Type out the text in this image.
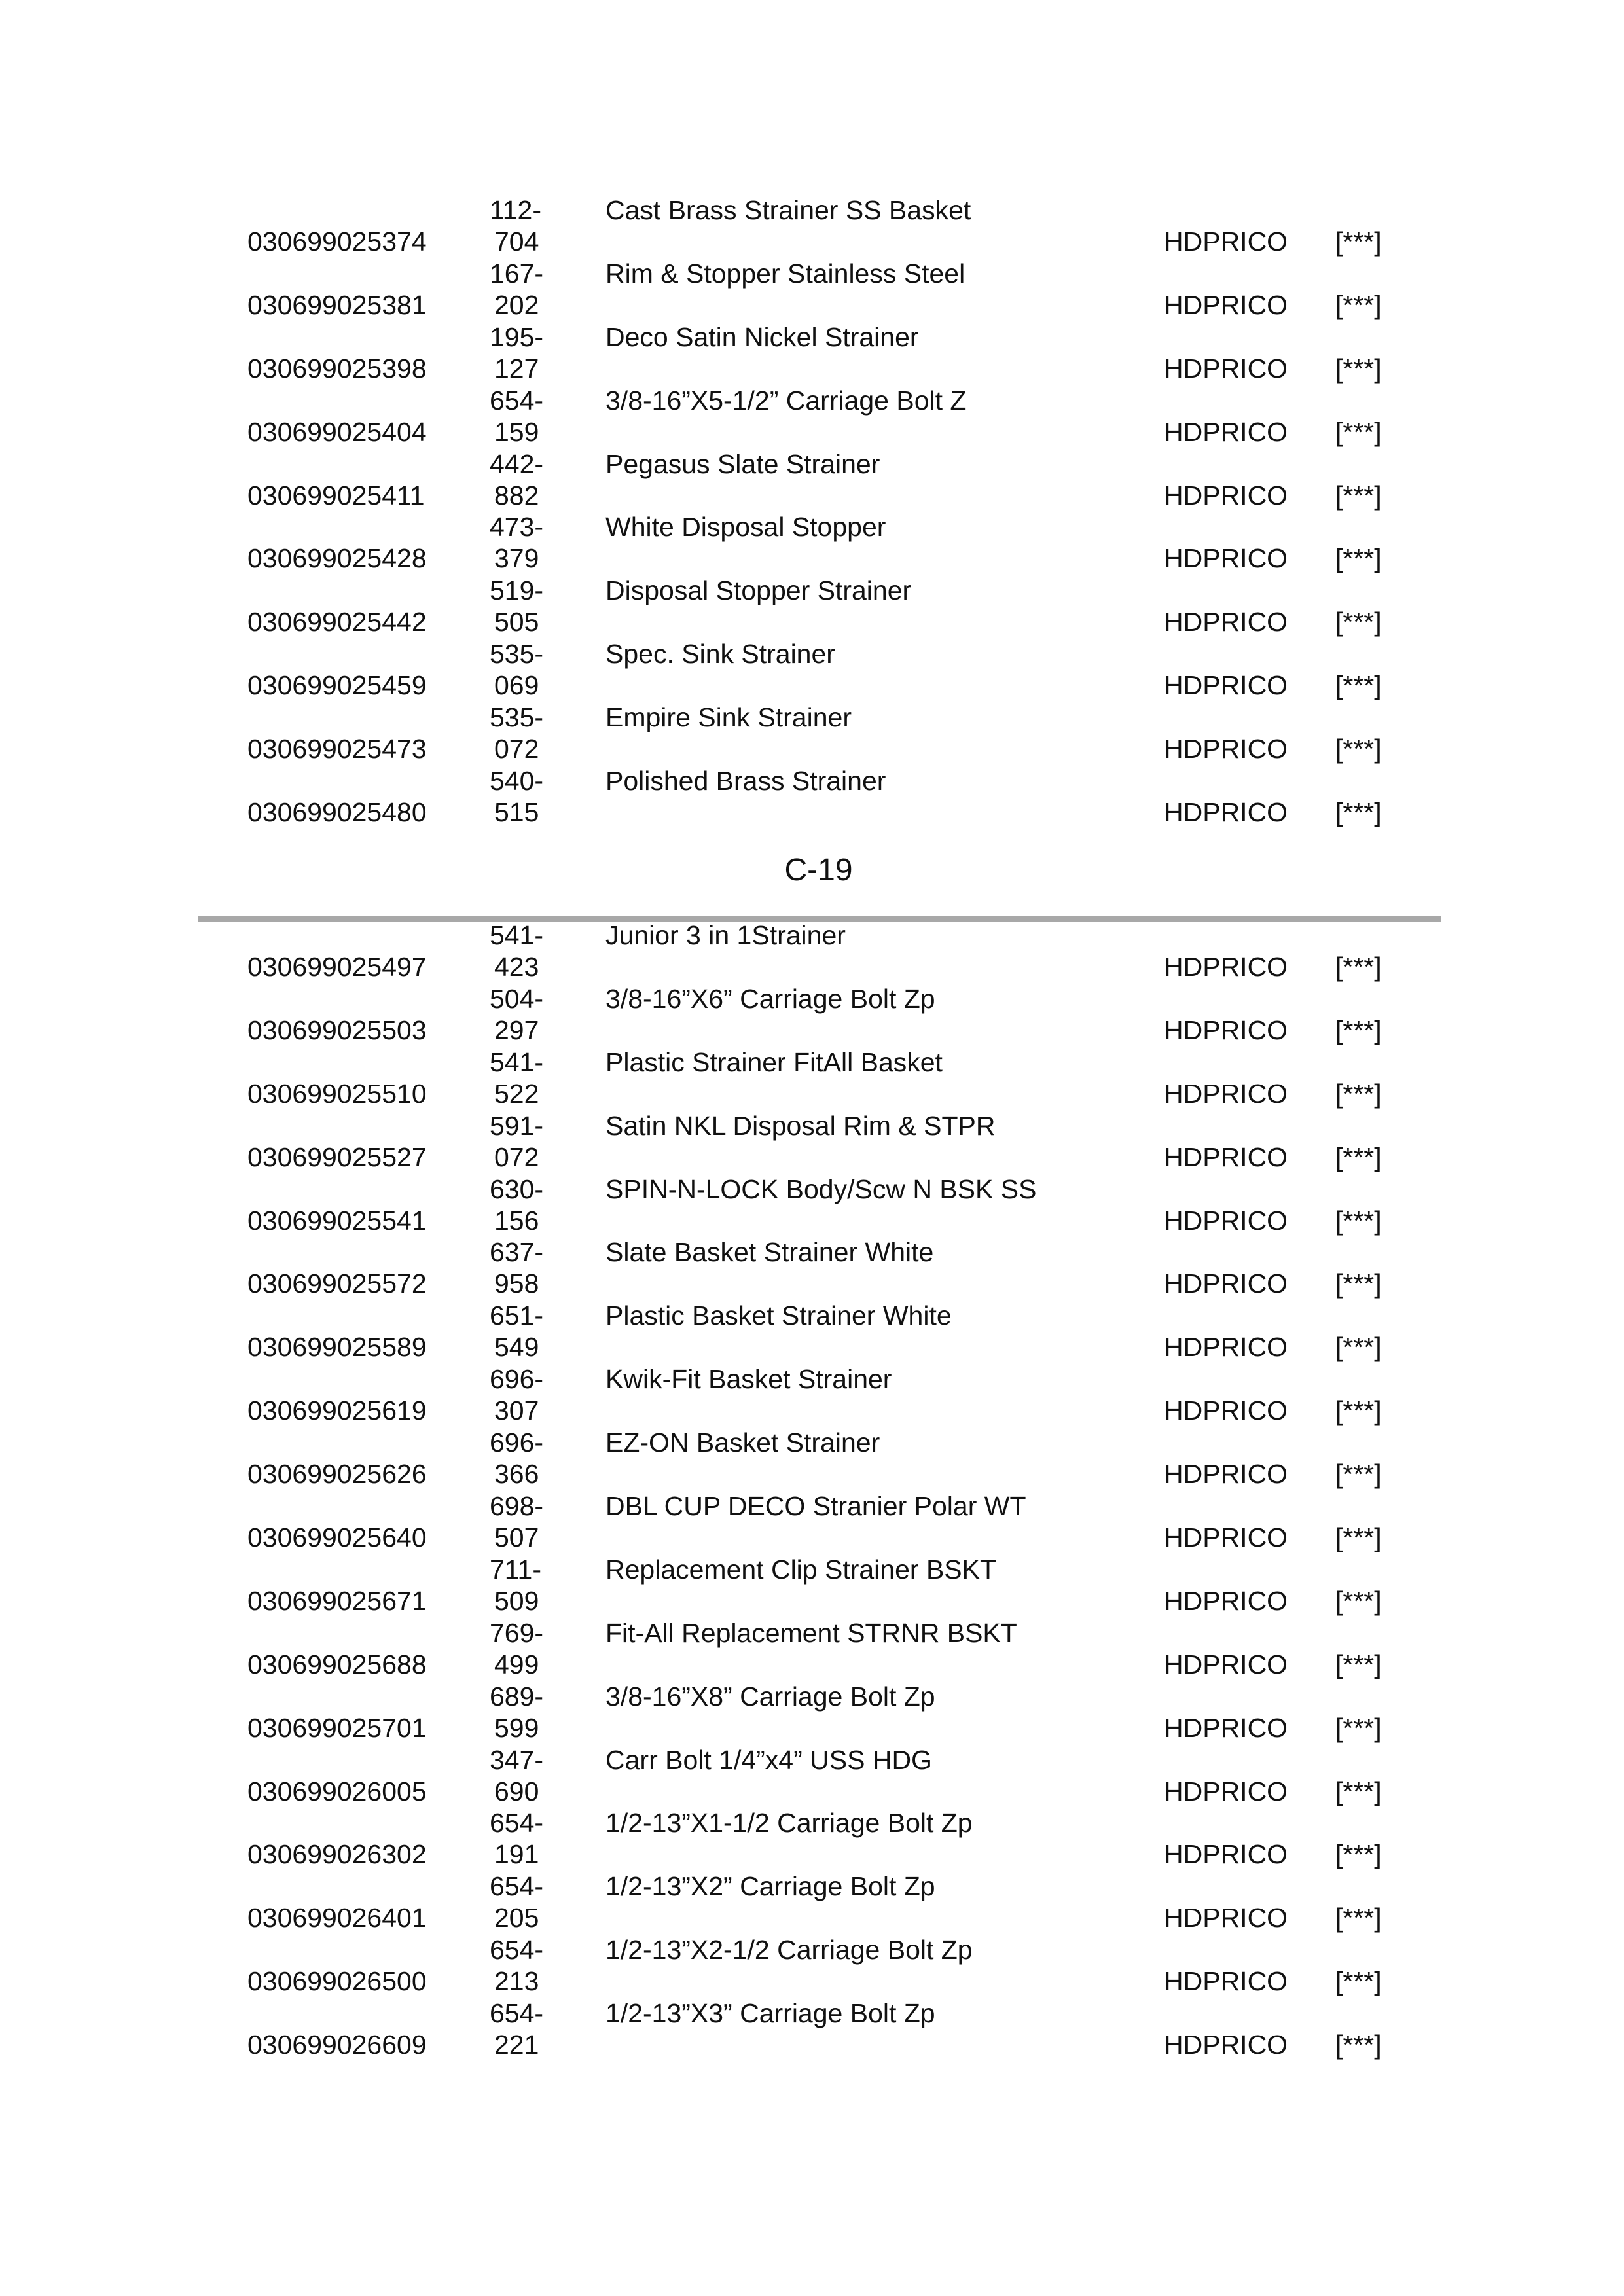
030699025374
112-
704
Cast Brass Strainer SS Basket
HDPRICO [***]
030699025381
167-
202
Rim & Stopper Stainless Steel
HDPRICO [***]
030699025398
195-
127
Deco Satin Nickel Strainer
HDPRICO [***]
030699025404
654-
159
3/8-16”X5-1/2” Carriage Bolt Z
HDPRICO [***]
030699025411
442-
882
Pegasus Slate Strainer
HDPRICO [***]
030699025428
473-
379
White Disposal Stopper
HDPRICO [***]
030699025442
519-
505
Disposal Stopper Strainer
HDPRICO [***]
030699025459
535-
069
Spec. Sink Strainer
HDPRICO [***]
030699025473
535-
072
Empire Sink Strainer
HDPRICO [***]
030699025480
540-
515
Polished Brass Strainer
HDPRICO [***]
C-19
030699025497
541-
423
Junior 3 in 1Strainer
HDPRICO [***]
030699025503
504-
297
3/8-16”X6” Carriage Bolt Zp
HDPRICO [***]
030699025510
541-
522
Plastic Strainer FitAll Basket
HDPRICO [***]
030699025527
591-
072
Satin NKL Disposal Rim & STPR
HDPRICO [***]
030699025541
630-
156
SPIN-N-LOCK Body/Scw N BSK SS
HDPRICO [***]
030699025572
637-
958
Slate Basket Strainer White
HDPRICO [***]
030699025589
651-
549
Plastic Basket Strainer White
HDPRICO [***]
030699025619
696-
307
Kwik-Fit Basket Strainer
HDPRICO [***]
030699025626
696-
366
EZ-ON Basket Strainer
HDPRICO [***]
030699025640
698-
507
DBL CUP DECO Stranier Polar WT
HDPRICO [***]
030699025671
711-
509
Replacement Clip Strainer BSKT
HDPRICO [***]
030699025688
769-
499
Fit-All Replacement STRNR BSKT
HDPRICO [***]
030699025701
689-
599
3/8-16”X8” Carriage Bolt Zp
HDPRICO [***]
030699026005
347-
690
Carr Bolt 1/4”x4” USS HDG
HDPRICO [***]
030699026302
654-
191
1/2-13”X1-1/2 Carriage Bolt Zp
HDPRICO [***]
030699026401
654-
205
1/2-13”X2” Carriage Bolt Zp
HDPRICO [***]
030699026500
654-
213
1/2-13”X2-1/2 Carriage Bolt Zp
HDPRICO [***]
030699026609
654-
221
1/2-13”X3” Carriage Bolt Zp
HDPRICO [***]
